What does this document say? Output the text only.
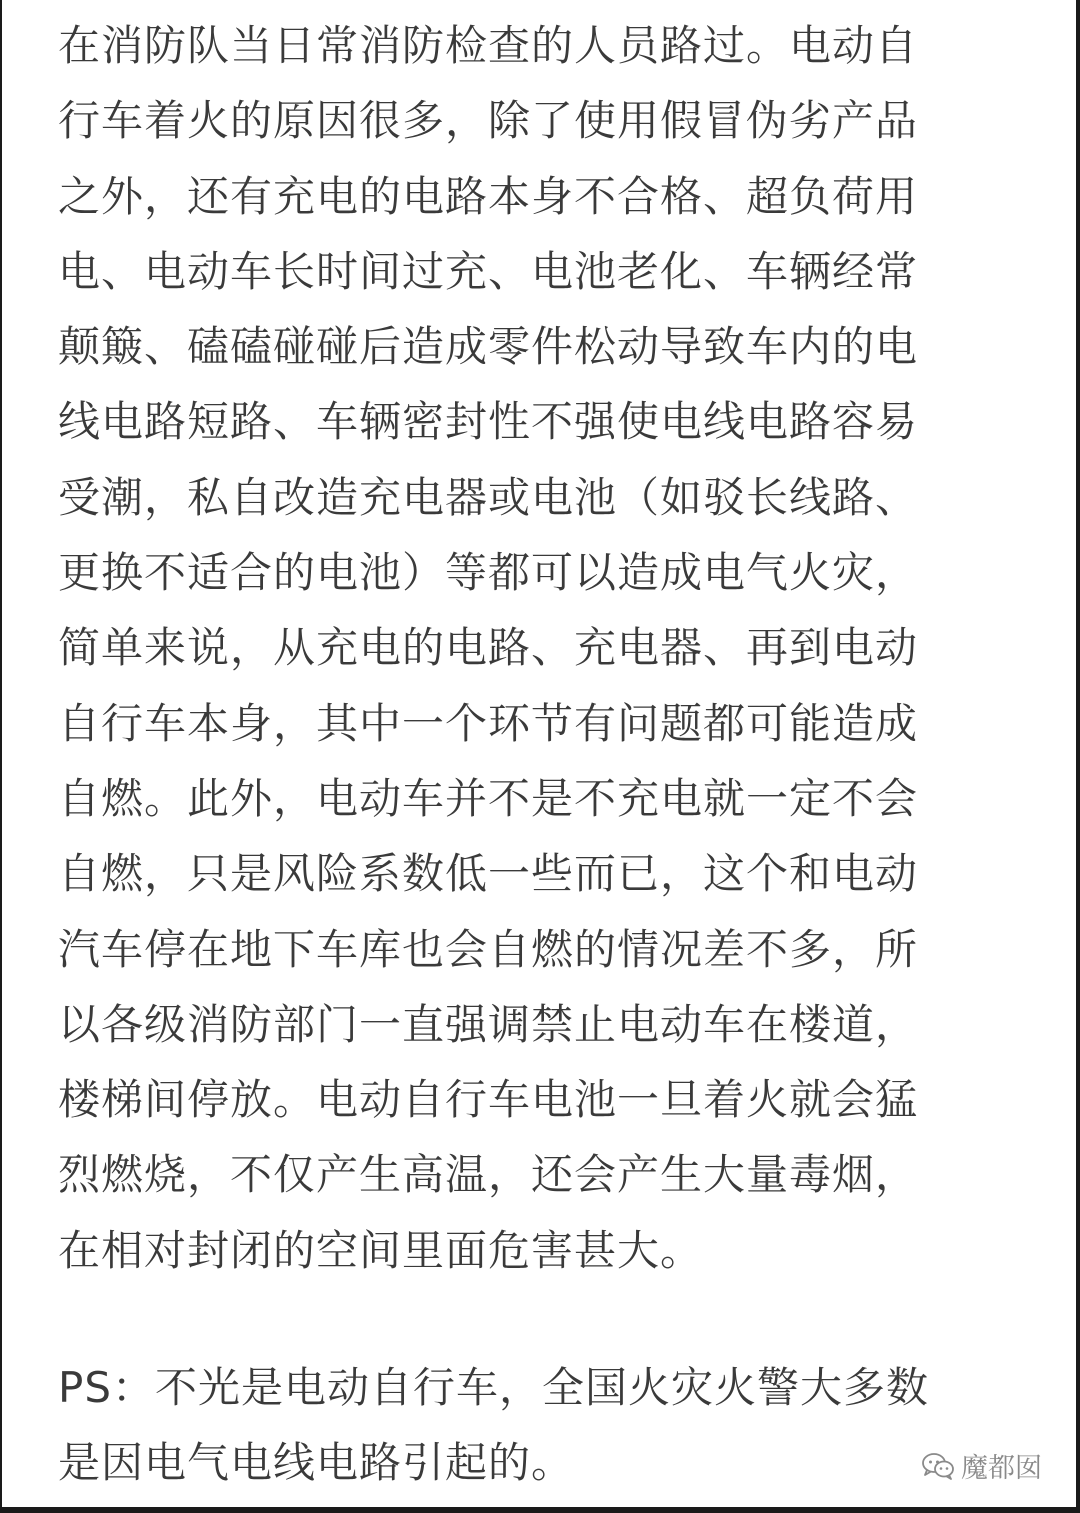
在消防队当日常消防检查的人员路过。电动自
行车着火的原因很多，除了使用假冒伪劣产品
之外，还有充电的电路本身不合格、超负荷用
电、电动车长时间过充、电池老化、车辆经常
颠簸、磕磕碰碰后造成零件松动导致车内的电
线电路短路、车辆密封性不强使电线电路容易
受潮，私自改造充电器或电池（如驳长线路、
更换不适合的电池）等都可以造成电气火灾，
简单来说，从充电的电路、充电器、再到电动
自行车本身，其中一个环节有问题都可能造成
自燃。此外，电动车并不是不充电就一定不会
自燃，只是风险系数低一些而已，这个和电动
汽车停在地下车库也会自燃的情况差不多，所
以各级消防部门一直强调禁止电动车在楼道，
楼梯间停放。电动自行车电池一旦着火就会猛
烈燃烧，不仅产生高温，还会产生大量毒烟，
在相对封闭的空间里面危害甚大。
PS：不光是电动自行车，全国火灾火警大多数
是因电气电线电路引起的。	魔都囡
